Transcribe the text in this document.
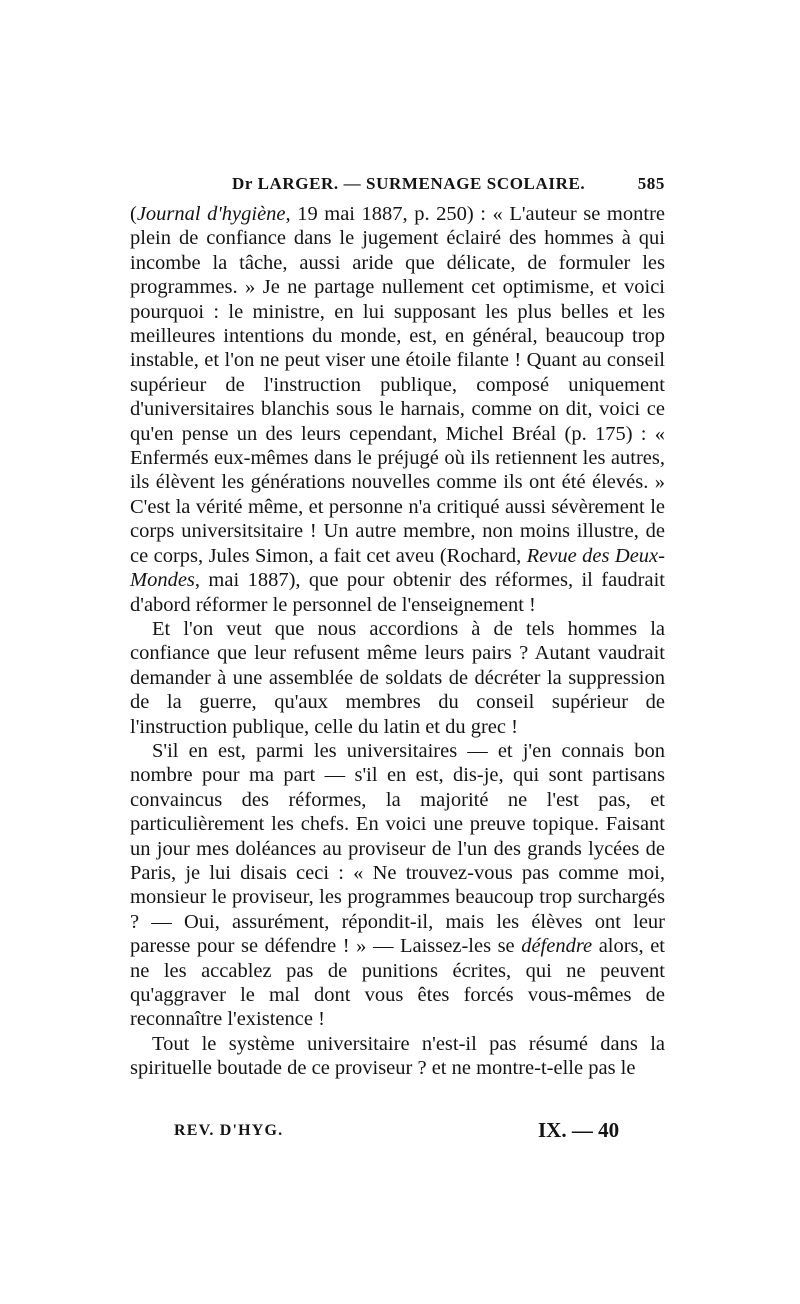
Dr LARGER. — SURMENAGE SCOLAIRE.	585

(Journal d'hygiène, 19 mai 1887, p. 250) : « L'auteur se montre plein de confiance dans le jugement éclairé des hommes à qui incombe la tâche, aussi aride que délicate, de formuler les programmes. » Je ne partage nullement cet optimisme, et voici pourquoi : le ministre, en lui supposant les plus belles et les meilleures intentions du monde, est, en général, beaucoup trop instable, et l'on ne peut viser une étoile filante ! Quant au conseil supérieur de l'instruction publique, composé uniquement d'universitaires blanchis sous le harnais, comme on dit, voici ce qu'en pense un des leurs cependant, Michel Bréal (p. 175) : « Enfermés eux-mêmes dans le préjugé où ils retiennent les autres, ils élèvent les générations nouvelles comme ils ont été élevés. » C'est la vérité même, et personne n'a critiqué aussi sévèrement le corps universitsitaire ! Un autre membre, non moins illustre, de ce corps, Jules Simon, a fait cet aveu (Rochard, Revue des Deux-Mondes, mai 1887), que pour obtenir des réformes, il faudrait d'abord réformer le personnel de l'enseignement !

Et l'on veut que nous accordions à de tels hommes la confiance que leur refusent même leurs pairs ? Autant vaudrait demander à une assemblée de soldats de décréter la suppression de la guerre, qu'aux membres du conseil supérieur de l'instruction publique, celle du latin et du grec !

S'il en est, parmi les universitaires — et j'en connais bon nombre pour ma part — s'il en est, dis-je, qui sont partisans convaincus des réformes, la majorité ne l'est pas, et particulièrement les chefs. En voici une preuve topique. Faisant un jour mes doléances au proviseur de l'un des grands lycées de Paris, je lui disais ceci : « Ne trouvez-vous pas comme moi, monsieur le proviseur, les programmes beaucoup trop surchargés ? — Oui, assurément, répondit-il, mais les élèves ont leur paresse pour se défendre ! » — Laissez-les se défendre alors, et ne les accablez pas de punitions écrites, qui ne peuvent qu'aggraver le mal dont vous êtes forcés vous-mêmes de reconnaître l'existence !

Tout le système universitaire n'est-il pas résumé dans la spirituelle boutade de ce proviseur ? et ne montre-t-elle pas le

REV. D'HYG.	IX. — 40
